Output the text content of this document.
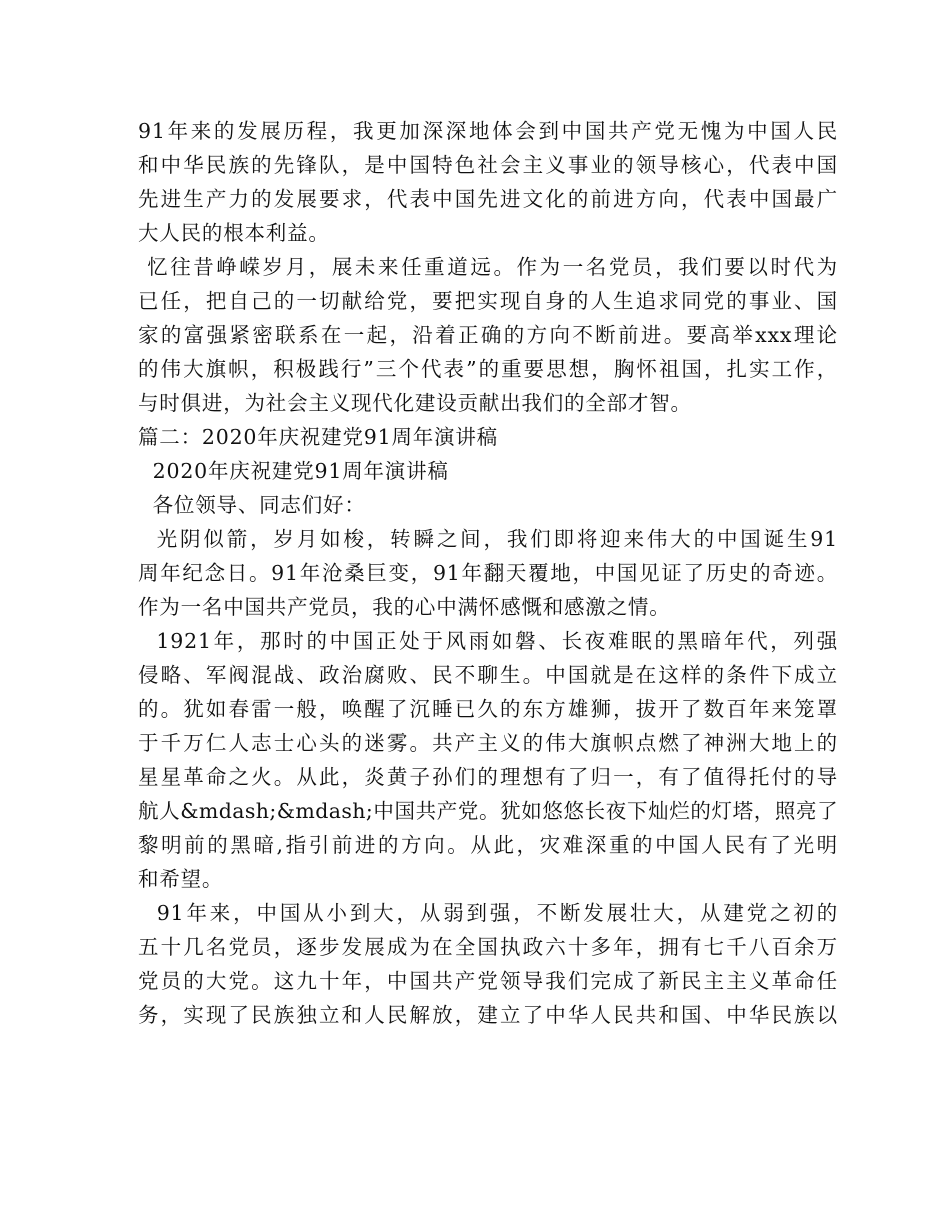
91年来的发展历程，我更加深深地体会到中国共产党无愧为中国人民
和中华民族的先锋队，是中国特色社会主义事业的领导核心，代表中国
先进生产力的发展要求，代表中国先进文化的前进方向，代表中国最广
大人民的根本利益。
忆往昔峥嵘岁月，展未来任重道远。作为一名党员，我们要以时代为
已任，把自己的一切献给党，要把实现自身的人生追求同党的事业、国
家的富强紧密联系在一起，沿着正确的方向不断前进。要高举xxx理论
的伟大旗帜，积极践行”三个代表”的重要思想，胸怀祖国，扎实工作，
与时俱进，为社会主义现代化建设贡献出我们的全部才智。
篇二：2020年庆祝建党91周年演讲稿
2020年庆祝建党91周年演讲稿
各位领导、同志们好：
光阴似箭，岁月如梭，转瞬之间，我们即将迎来伟大的中国诞生91
周年纪念日。91年沧桑巨变，91年翻天覆地，中国见证了历史的奇迹。
作为一名中国共产党员，我的心中满怀感慨和感激之情。
1921年，那时的中国正处于风雨如磐、长夜难眠的黑暗年代，列强
侵略、军阀混战、政治腐败、民不聊生。中国就是在这样的条件下成立
的。犹如春雷一般，唤醒了沉睡已久的东方雄狮，拔开了数百年来笼罩
于千万仁人志士心头的迷雾。共产主义的伟大旗帜点燃了神洲大地上的
星星革命之火。从此，炎黄子孙们的理想有了归一，有了值得托付的导
航人&mdash;&mdash;中国共产党。犹如悠悠长夜下灿烂的灯塔，照亮了
黎明前的黑暗,指引前进的方向。从此，灾难深重的中国人民有了光明
和希望。
91年来，中国从小到大，从弱到强，不断发展壮大，从建党之初的
五十几名党员，逐步发展成为在全国执政六十多年，拥有七千八百余万
党员的大党。这九十年，中国共产党领导我们完成了新民主主义革命任
务，实现了民族独立和人民解放，建立了中华人民共和国、中华民族以
